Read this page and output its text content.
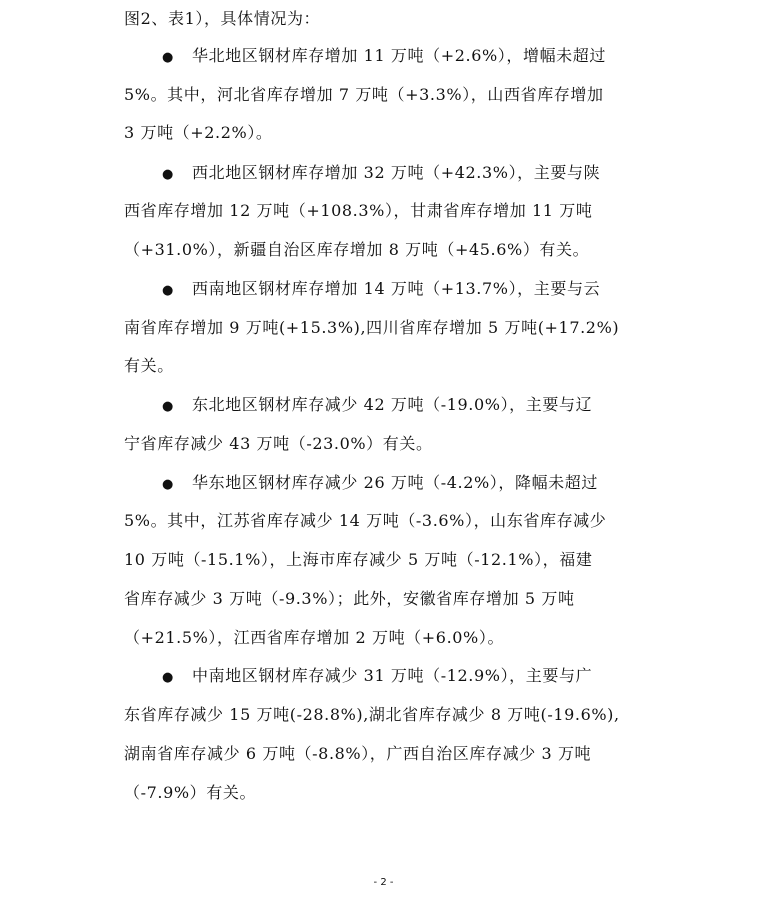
图2、表1），具体情况为：
● 华北地区钢材库存增加 11 万吨（+2.6%），增幅未超过
5%。其中，河北省库存增加 7 万吨（+3.3%），山西省库存增加
3 万吨（+2.2%）。
● 西北地区钢材库存增加 32 万吨（+42.3%），主要与陕
西省库存增加 12 万吨（+108.3%），甘肃省库存增加 11 万吨
（+31.0%），新疆自治区库存增加 8 万吨（+45.6%）有关。
● 西南地区钢材库存增加 14 万吨（+13.7%），主要与云
南省库存增加 9 万吨(+15.3%),四川省库存增加 5 万吨(+17.2%)
有关。
● 东北地区钢材库存减少 42 万吨（-19.0%），主要与辽
宁省库存减少 43 万吨（-23.0%）有关。
● 华东地区钢材库存减少 26 万吨（-4.2%），降幅未超过
5%。其中，江苏省库存减少 14 万吨（-3.6%），山东省库存减少
10 万吨（-15.1%），上海市库存减少 5 万吨（-12.1%），福建
省库存减少 3 万吨（-9.3%）；此外，安徽省库存增加 5 万吨
（+21.5%），江西省库存增加 2 万吨（+6.0%）。
● 中南地区钢材库存减少 31 万吨（-12.9%），主要与广
东省库存减少 15 万吨(-28.8%),湖北省库存减少 8 万吨(-19.6%),
湖南省库存减少 6 万吨（-8.8%），广西自治区库存减少 3 万吨
（-7.9%）有关。
- 2 -
